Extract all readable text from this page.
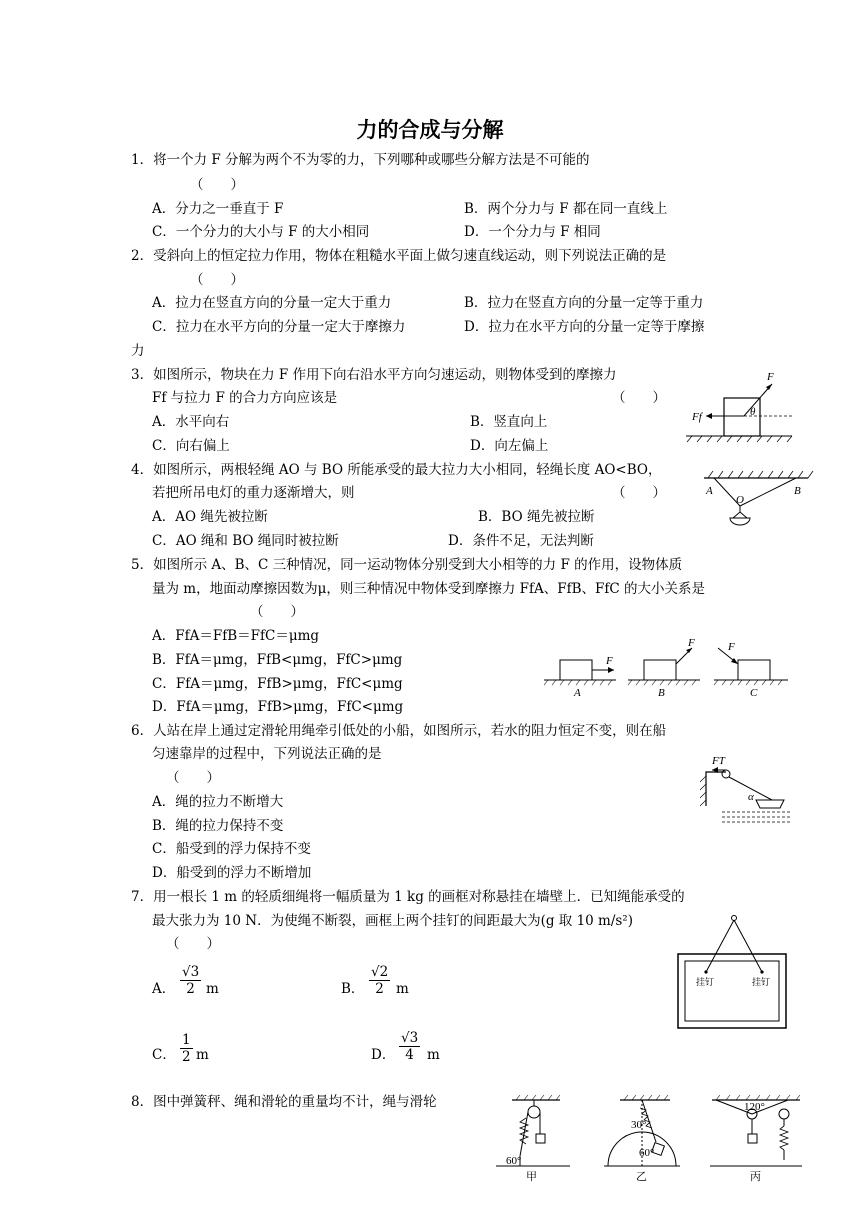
力的合成与分解
1．将一个力 F 分解为两个不为零的力，下列哪种或哪些分解方法是不可能的
（　　）
A．分力之一垂直于 F	B．两个分力与 F 都在同一直线上
C．一个分力的大小与 F 的大小相同	D．一个分力与 F 相同
2．受斜向上的恒定拉力作用，物体在粗糙水平面上做匀速直线运动，则下列说法正确的是
（　　）
A．拉力在竖直方向的分量一定大于重力	B．拉力在竖直方向的分量一定等于重力
C．拉力在水平方向的分量一定大于摩擦力	D．拉力在水平方向的分量一定等于摩擦
力
3．如图所示，物块在力 F 作用下向右沿水平方向匀速运动，则物体受到的摩擦力
Ff 与拉力 F 的合力方向应该是	（　　）
A．水平向右	B．竖直向上
C．向右偏上	D．向左偏上
F
Ff	θ
4．如图所示，两根轻绳 AO 与 BO 所能承受的最大拉力大小相同，轻绳长度 AO<BO，
若把所吊电灯的重力逐渐增大，则	（　　）
A．AO 绳先被拉断	B．BO 绳先被拉断
C．AO 绳和 BO 绳同时被拉断	D．条件不足，无法判断
A	B
O
5．如图所示 A、B、C 三种情况，同一运动物体分别受到大小相等的力 F 的作用，设物体质
量为 m，地面动摩擦因数为μ，则三种情况中物体受到摩擦力 FfA、FfB、FfC 的大小关系是
（　　）
A．FfA＝FfB＝FfC＝μmg
B．FfA＝μmg，FfB<μmg，FfC>μmg
C．FfA＝μmg，FfB>μmg，FfC<μmg
D．FfA＝μmg，FfB>μmg，FfC<μmg
F
A
F
B
F
C
6．人站在岸上通过定滑轮用绳牵引低处的小船，如图所示，若水的阻力恒定不变，则在船
匀速靠岸的过程中，下列说法正确的是
（　　）
A．绳的拉力不断增大
B．绳的拉力保持不变
C．船受到的浮力保持不变
D．船受到的浮力不断增加
FT
α
7．用一根长 1 m 的轻质细绳将一幅质量为 1 kg 的画框对称悬挂在墙壁上．已知绳能承受的
最大张力为 10 N．为使绳不断裂，画框上两个挂钉的间距最大为(g 取 10 m/s²)
（　　）
A． $\frac{√3}{2}$ m	B． $\frac{√2}{2}$ m
C． $\frac{1}{2}$ m	D． $\frac{√3}{4}$ m
挂钉	挂钉
8．图中弹簧秤、绳和滑轮的重量均不计，绳与滑轮
60°
甲
30°
60°
乙
120°
丙
